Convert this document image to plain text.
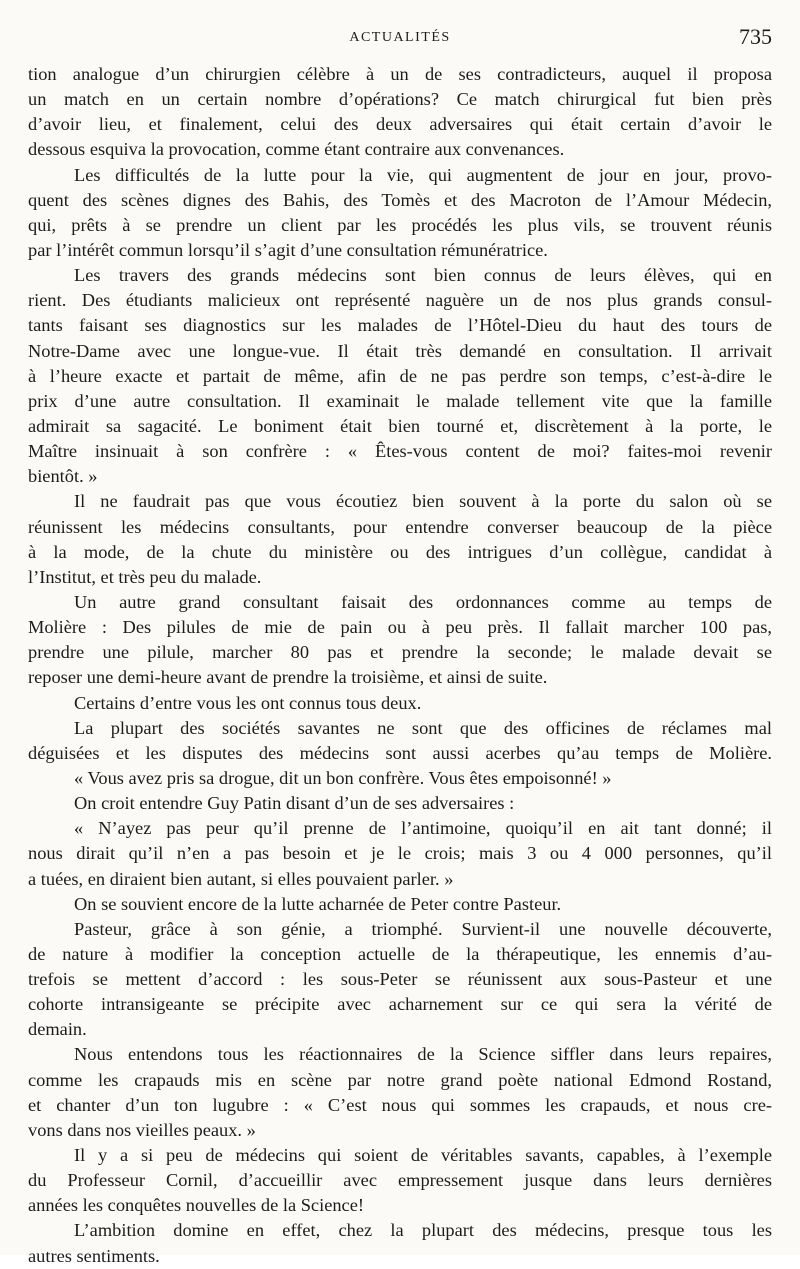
ACTUALITÉS	735
tion analogue d’un chirurgien célèbre à un de ses contradicteurs, auquel il proposa
un match en un certain nombre d’opérations? Ce match chirurgical fut bien près
d’avoir lieu, et finalement, celui des deux adversaires qui était certain d’avoir le
dessous esquiva la provocation, comme étant contraire aux convenances.
Les difficultés de la lutte pour la vie, qui augmentent de jour en jour, provo-
quent des scènes dignes des Bahis, des Tomès et des Macroton de l’Amour Médecin,
qui, prêts à se prendre un client par les procédés les plus vils, se trouvent réunis
par l’intérêt commun lorsqu’il s’agit d’une consultation rémunératrice.
Les travers des grands médecins sont bien connus de leurs élèves, qui en
rient. Des étudiants malicieux ont représenté naguère un de nos plus grands consul-
tants faisant ses diagnostics sur les malades de l’Hôtel-Dieu du haut des tours de
Notre-Dame avec une longue-vue. Il était très demandé en consultation. Il arrivait
à l’heure exacte et partait de même, afin de ne pas perdre son temps, c’est-à-dire le
prix d’une autre consultation. Il examinait le malade tellement vite que la famille
admirait sa sagacité. Le boniment était bien tourné et, discrètement à la porte, le
Maître insinuait à son confrère : « Êtes-vous content de moi? faites-moi revenir
bientôt. »
Il ne faudrait pas que vous écoutiez bien souvent à la porte du salon où se
réunissent les médecins consultants, pour entendre converser beaucoup de la pièce
à la mode, de la chute du ministère ou des intrigues d’un collègue, candidat à
l’Institut, et très peu du malade.
Un autre grand consultant faisait des ordonnances comme au temps de
Molière : Des pilules de mie de pain ou à peu près. Il fallait marcher 100 pas,
prendre une pilule, marcher 80 pas et prendre la seconde; le malade devait se
reposer une demi-heure avant de prendre la troisième, et ainsi de suite.
Certains d’entre vous les ont connus tous deux.
La plupart des sociétés savantes ne sont que des officines de réclames mal
déguisées et les disputes des médecins sont aussi acerbes qu’au temps de Molière.
« Vous avez pris sa drogue, dit un bon confrère. Vous êtes empoisonné! »
On croit entendre Guy Patin disant d’un de ses adversaires :
« N’ayez pas peur qu’il prenne de l’antimoine, quoiqu’il en ait tant donné; il
nous dirait qu’il n’en a pas besoin et je le crois; mais 3 ou 4 000 personnes, qu’il
a tuées, en diraient bien autant, si elles pouvaient parler. »
On se souvient encore de la lutte acharnée de Peter contre Pasteur.
Pasteur, grâce à son génie, a triomphé. Survient-il une nouvelle découverte,
de nature à modifier la conception actuelle de la thérapeutique, les ennemis d’au-
trefois se mettent d’accord : les sous-Peter se réunissent aux sous-Pasteur et une
cohorte intransigeante se précipite avec acharnement sur ce qui sera la vérité de
demain.
Nous entendons tous les réactionnaires de la Science siffler dans leurs repaires,
comme les crapauds mis en scène par notre grand poète national Edmond Rostand,
et chanter d’un ton lugubre : « C’est nous qui sommes les crapauds, et nous cre-
vons dans nos vieilles peaux. »
Il y a si peu de médecins qui soient de véritables savants, capables, à l’exemple
du Professeur Cornil, d’accueillir avec empressement jusque dans leurs dernières
années les conquêtes nouvelles de la Science!
L’ambition domine en effet, chez la plupart des médecins, presque tous les
autres sentiments.
